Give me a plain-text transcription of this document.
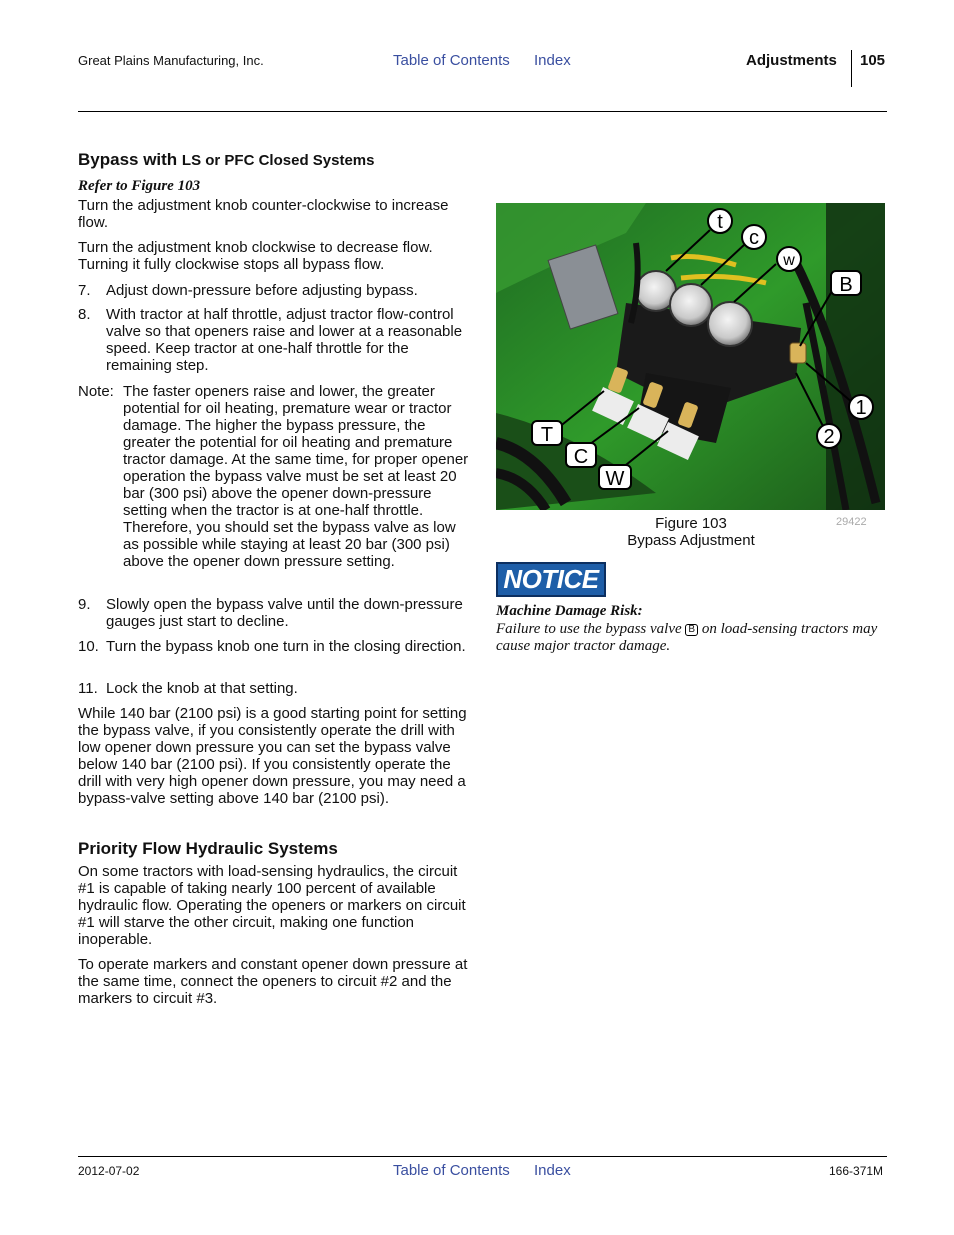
Great Plains Manufacturing, Inc.	Table of Contents Index	Adjustments 105
Bypass with LS or PFC Closed Systems
Refer to Figure 103
Turn the adjustment knob counter-clockwise to increase flow.
Turn the adjustment knob clockwise to decrease flow. Turning it fully clockwise stops all bypass flow.
7.	Adjust down-pressure before adjusting bypass.
8.	With tractor at half throttle, adjust tractor flow-control valve so that openers raise and lower at a reasonable speed. Keep tractor at one-half throttle for the remaining step.
Note: The faster openers raise and lower, the greater potential for oil heating, premature wear or tractor damage. The higher the bypass pressure, the greater the potential for oil heating and premature tractor damage. At the same time, for proper opener operation the bypass valve must be set at least 20 bar (300 psi) above the opener down-pressure setting when the tractor is at one-half throttle. Therefore, you should set the bypass valve as low as possible while staying at least 20 bar (300 psi) above the opener down pressure setting.
9.	Slowly open the bypass valve until the down-pressure gauges just start to decline.
10. Turn the bypass knob one turn in the closing direction.
11. Lock the knob at that setting.
While 140 bar (2100 psi) is a good starting point for setting the bypass valve, if you consistently operate the drill with low opener down pressure you can set the bypass valve below 140 bar (2100 psi). If you consistently operate the drill with very high opener down pressure, you may need a bypass-valve setting above 140 bar (2100 psi).
Priority Flow Hydraulic Systems
On some tractors with load-sensing hydraulics, the circuit #1 is capable of taking nearly 100 percent of available hydraulic flow. Operating the openers or markers on circuit #1 will starve the other circuit, making one function inoperable.
To operate markers and constant opener down pressure at the same time, connect the openers to circuit #2 and the markers to circuit #3.
t
c
w
B
1
2
T
C
W
Figure 103
Bypass Adjustment
29422
NOTICE
Machine Damage Risk:
Failure to use the bypass valve B on load-sensing tractors may cause major tractor damage.
2012-07-02	Table of Contents Index	166-371M
